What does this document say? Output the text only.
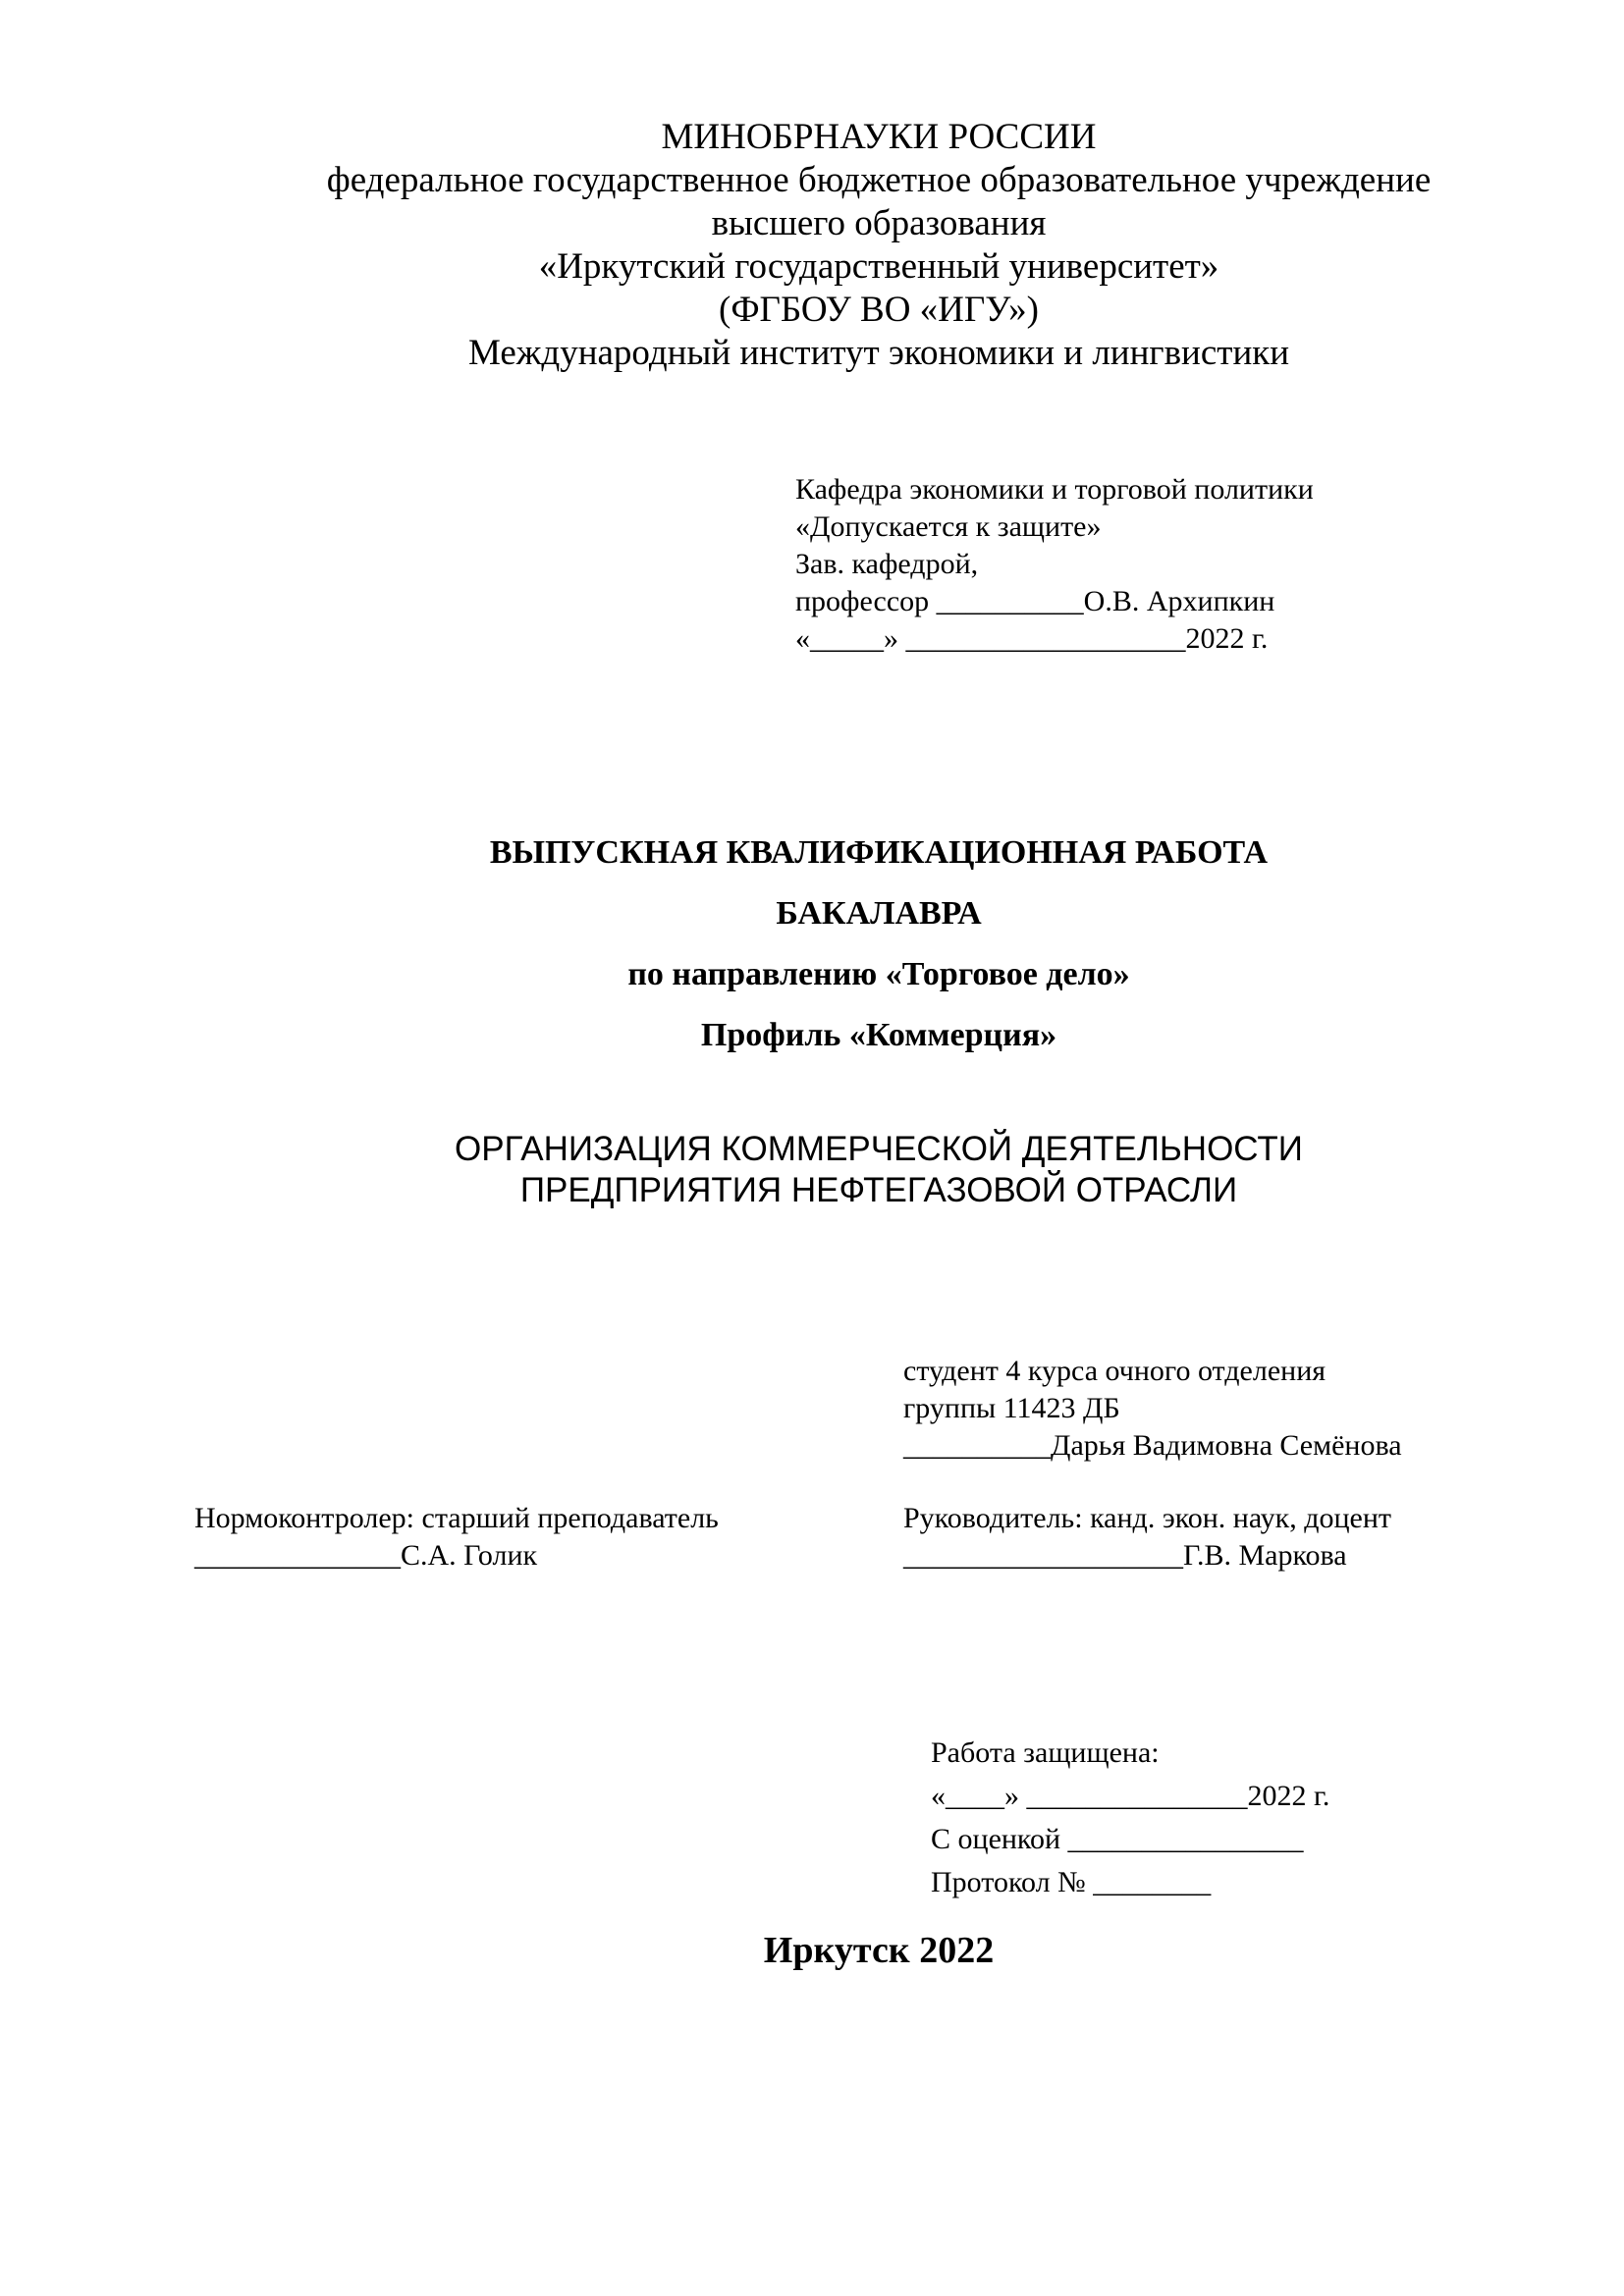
МИНОБРНАУКИ РОССИИ
федеральное государственное бюджетное образовательное учреждение
высшего образования
«Иркутский государственный университет»
(ФГБОУ ВО «ИГУ»)
Международный институт экономики и лингвистики
Кафедра экономики и торговой политики
«Допускается к защите»
Зав. кафедрой,
профессор __________О.В. Архипкин
«_____» ___________________2022 г.
ВЫПУСКНАЯ КВАЛИФИКАЦИОННАЯ РАБОТА
БАКАЛАВРА
по направлению «Торговое дело»
Профиль «Коммерция»
ОРГАНИЗАЦИЯ КОММЕРЧЕСКОЙ ДЕЯТЕЛЬНОСТИ
ПРЕДПРИЯТИЯ НЕФТЕГАЗОВОЙ ОТРАСЛИ
студент 4 курса очного отделения
группы 11423 ДБ
__________Дарья Вадимовна Семёнова
Нормоконтролер: старший преподаватель
______________С.А. Голик
Руководитель: канд. экон. наук, доцент
___________________Г.В. Маркова
Работа защищена:
«____» _______________2022 г.
С оценкой ________________
Протокол № ________
Иркутск 2022
